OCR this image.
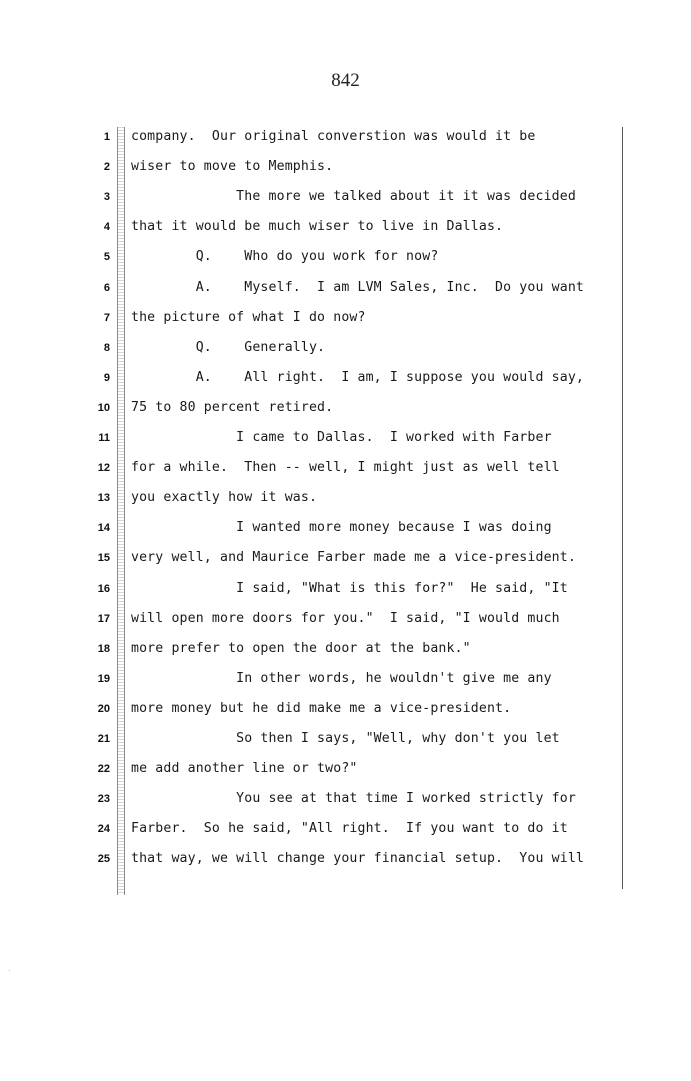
842
1 company.  Our original converstion was would it be
2 wiser to move to Memphis.
3 The more we talked about it it was decided
4 that it would be much wiser to live in Dallas.
5 Q.    Who do you work for now?
6 A.    Myself.  I am LVM Sales, Inc.  Do you want
7 the picture of what I do now?
8 Q.    Generally.
9 A.    All right.  I am, I suppose you would say,
10 75 to 80 percent retired.
11 I came to Dallas.  I worked with Farber
12 for a while.  Then -- well, I might just as well tell
13 you exactly how it was.
14 I wanted more money because I was doing
15 very well, and Maurice Farber made me a vice-president.
16 I said, "What is this for?"  He said, "It
17 will open more doors for you."  I said, "I would much
18 more prefer to open the door at the bank."
19 In other words, he wouldn't give me any
20 more money but he did make me a vice-president.
21 So then I says, "Well, why don't you let
22 me add another line or two?"
23 You see at that time I worked strictly for
24 Farber.  So he said, "All right.  If you want to do it
25 that way, we will change your financial setup.  You will
·
